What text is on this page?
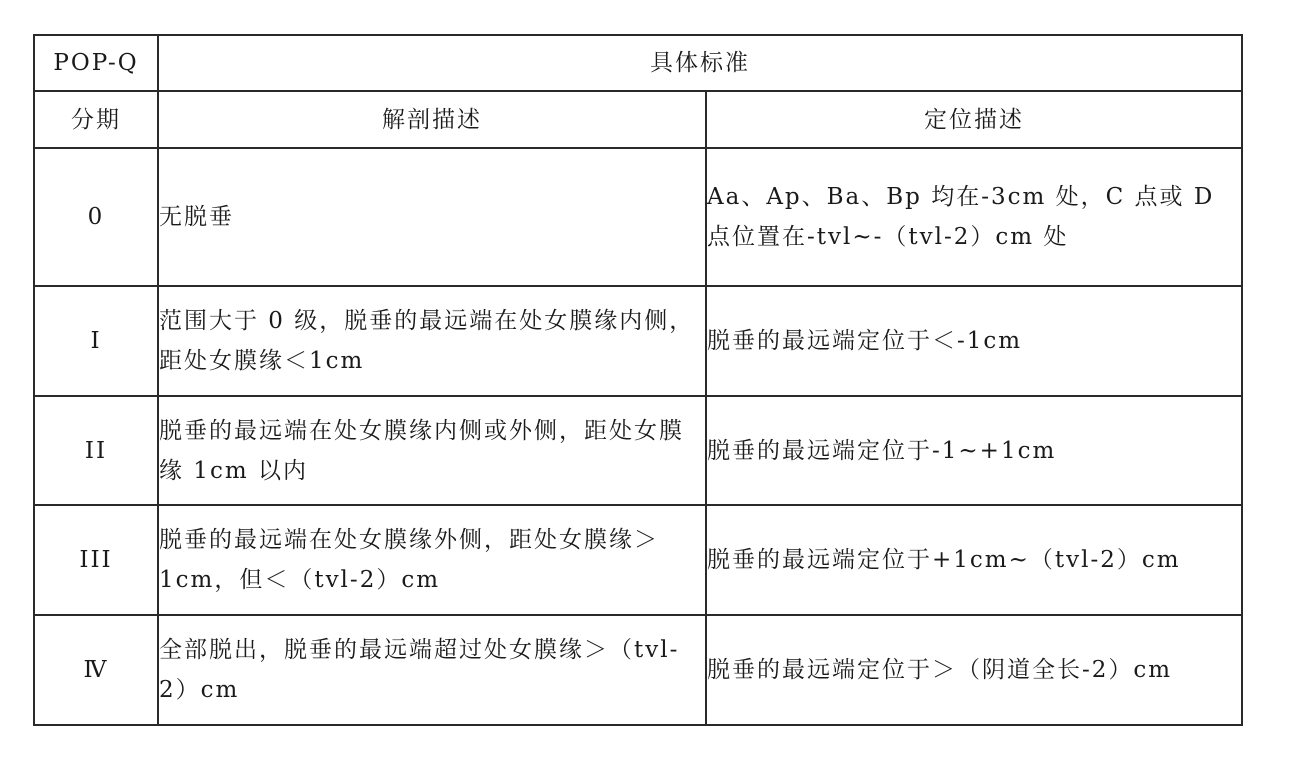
POP-Q	具体标准	
分期	解剖描述	定位描述
0	无脱垂	Aa、Ap、Ba、Bp 均在-3cm 处，C 点或 D 点位置在-tvl~-（tvl-2）cm 处
I	范围大于 0 级，脱垂的最远端在处女膜缘内侧，距处女膜缘＜1cm	脱垂的最远端定位于＜-1cm
II	脱垂的最远端在处女膜缘内侧或外侧，距处女膜缘 1cm 以内	脱垂的最远端定位于-1~+1cm
III	脱垂的最远端在处女膜缘外侧，距处女膜缘＞1cm，但＜（tvl-2）cm	脱垂的最远端定位于+1cm~（tvl-2）cm
Ⅳ	全部脱出，脱垂的最远端超过处女膜缘＞（tvl-2）cm	脱垂的最远端定位于＞（阴道全长-2）cm
